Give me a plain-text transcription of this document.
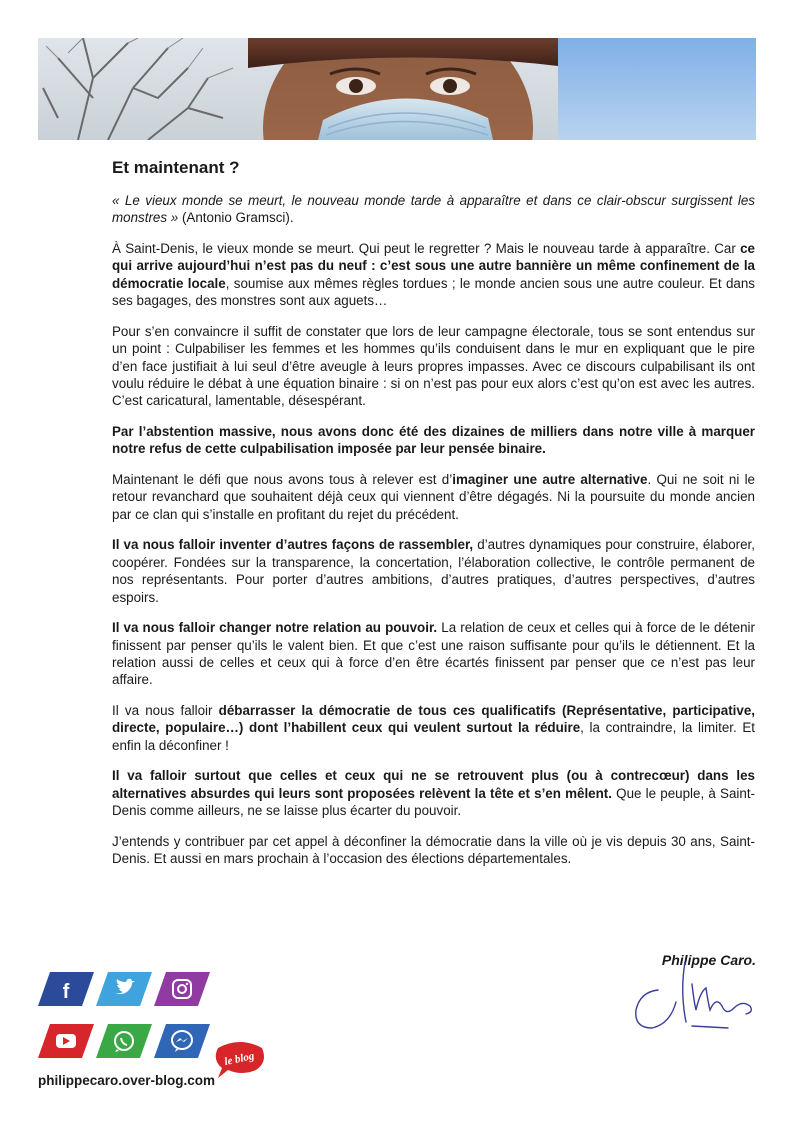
Et maintenant ?

« Le vieux monde se meurt, le nouveau monde tarde à apparaître et dans ce clair-obscur surgissent les monstres » (Antonio Gramsci).

À Saint-Denis, le vieux monde se meurt. Qui peut le regretter ? Mais le nouveau tarde à apparaître. Car ce qui arrive aujourd’hui n’est pas du neuf : c’est sous une autre bannière un même confinement de la démocratie locale, soumise aux mêmes règles tordues ; le monde ancien sous une autre couleur. Et dans ses bagages, des monstres sont aux aguets…

Pour s’en convaincre il suffit de constater que lors de leur campagne électorale, tous se sont entendus sur un point : Culpabiliser les femmes et les hommes qu’ils conduisent dans le mur en expliquant que le pire d’en face justifiait à lui seul d’être aveugle à leurs propres impasses. Avec ce discours culpabilisant ils ont voulu réduire le débat à une équation binaire : si on n’est pas pour eux alors c’est qu’on est avec les autres. C’est caricatural, lamentable, désespérant.

Par l’abstention massive, nous avons donc été des dizaines de milliers dans notre ville à marquer notre refus de cette culpabilisation imposée par leur pensée binaire.

Maintenant le défi que nous avons tous à relever est d’imaginer une autre alternative. Qui ne soit ni le retour revanchard que souhaitent déjà ceux qui viennent d’être dégagés. Ni la poursuite du monde ancien par ce clan qui s’installe en profitant du rejet du précédent.

Il va nous falloir inventer d’autres façons de rassembler, d’autres dynamiques pour construire, élaborer, coopérer. Fondées sur la transparence, la concertation, l’élaboration collective, le contrôle permanent de nos représentants. Pour porter d’autres ambitions, d’autres pratiques, d’autres perspectives, d’autres espoirs.

Il va nous falloir changer notre relation au pouvoir. La relation de ceux et celles qui à force de le détenir finissent par penser qu’ils le valent bien. Et que c’est une raison suffisante pour qu’ils le détiennent. Et la relation aussi de celles et ceux qui à force d’en être écartés finissent par penser que ce n’est pas leur affaire.

Il va nous falloir débarrasser la démocratie de tous ces qualificatifs (Représentative, participative, directe, populaire…) dont l’habillent ceux qui veulent surtout la réduire, la contraindre, la limiter. Et enfin la déconfiner !

Il va falloir surtout que celles et ceux qui ne se retrouvent plus (ou à contrecœur) dans les alternatives absurdes qui leurs sont proposées relèvent la tête et s’en mêlent. Que le peuple, à Saint-Denis comme ailleurs, ne se laisse plus écarter du pouvoir.

J’entends y contribuer par cet appel à déconfiner la démocratie dans la ville où je vis depuis 30 ans, Saint-Denis. Et aussi en mars prochain à l’occasion des élections départementales.

Philippe Caro.
f
le blog
philippecaro.over-blog.com
